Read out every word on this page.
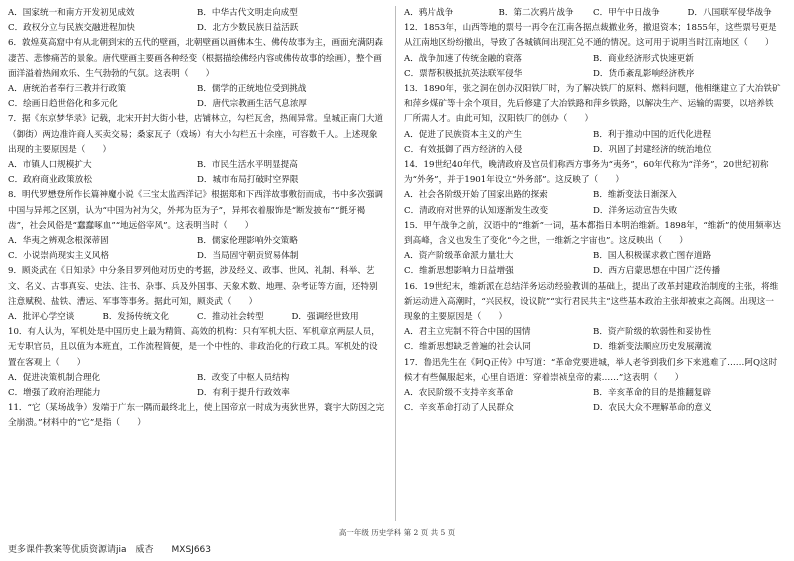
A．国家统一和南方开发初见成效	B．中华古代文明走向成型
C．政权分立与民族交融进程加快	D．北方少数民族日益活跃

6．敦煌莫高窟中有从北朝到宋的五代的壁画，北朝壁画以画佛本生、佛传故事为主，画面充满阴森凄苦、悲惨痛苦的景象。唐代壁画主要画各种经变（根据描绘佛经内容或佛传故事的绘画），整个画面洋溢着热闹欢乐、生气勃勃的气氛。这表明（　　）

A．唐统治者奉行三教并行政策	B．儒学的正统地位受到挑战
C．绘画日趋世俗化和多元化	D．唐代宗教画生活气息浓厚

7．据《东京梦华录》记载，北宋开封大街小巷，店铺林立，勾栏瓦舍，热闹异常。皇城正南门大道（御街）两边准许商人买卖交易；桑家瓦子（戏场）有大小勾栏五十余座，可容数千人。上述现象出现的主要原因是（　　）

A．市镇人口规模扩大	B．市民生活水平明显提高
C．政府商业政策放松	D．城市布局打破时空界限

8．明代罗懋登所作长篇神魔小说《三宝太监西洋记》根据郑和下西洋故事敷衍而成，书中多次强调中国与异邦之区别，认为“中国为衬为父，外邦为臣为子”，异邦衣着服饰是“断发披布”“氈牙褐齿”，社会风俗是“蠢蠢啄血”“地远俗宰风”。这表明当时（　　）

A．华夷之辨观念根深蒂固	B．儒家伦理影响外交策略
C．小说崇尚现实主义风格	D．当局固守朝贡贸易体制

9．顾炎武在《日知录》中分条目罗列他对历史的考据，涉及经义、政事、世风、礼制、科举、艺文、名义、古事真妄、史法、注书、杂事、兵及外国事、天象术数、地理、杂考证等方面，还特别注意赋税、盐铁、漕运、军事等事务。据此可知，顾炎武（　　）

A．批评心学空谈	B．发扬传统文化	C．推动社会转型	D．强调经世致用

10．有人认为，军机处是中国历史上最为精简、高效的机构：只有军机大臣、军机章京两层人员，无专职官员，且以值为本班直，工作流程简便，是一个中性的、非政治化的行政工具。军机处的设置在客观上（　　）

A．促进决策机制合理化	B．改变了中枢人员结构
C．增强了政府治理能力	D．有利于提升行政效率

11．“它（某场战争）发端于广东一隅而最终北上，使上国帝京一时成为夷狄世界，寰宇大防因之完全崩溃。”材料中的“它”是指（　　）

A．鸦片战争	B．第二次鸦片战争	C．甲午中日战争	D．八国联军侵华战争

12．1853年，山西等地的票号一再令在江南各据点裁撤业务，撤退资本；1855年，这些票号更是从江南地区纷纷撤出，导致了各城镇间出现汇兑不通的情况。这可用于说明当时江南地区（　　）

A．战争加速了传统金融的衰落	B．商业经济形式快速更新
C．票帮积极抵抗英法联军侵华	D．货币紊乱影响经济秩序

13．1890年，张之洞在创办汉阳铁厂时，为了解决铁厂的原料、燃料问题，他相继建立了大冶铁矿和萍乡煤矿等十余个项目，先后修建了大冶铁路和萍乡铁路，以解决生产、运输的需要，以培养铁厂所需人才。由此可知，汉阳铁厂的创办（　　）

A．促进了民族资本主义的产生	B．利于推动中国的近代化进程
C．有效抵御了西方经济的入侵	D．巩固了封建经济的统治地位

14．19世纪40年代，晚清政府及官员们称西方事务为“夷务”，60年代称为“洋务”，20世纪初称为“外务”，并于1901年设立“外务部”。这反映了（　　）

A．社会各阶级开始了国家出路的探索	B．维新变法日渐深入
C．清政府对世界的认知逐渐发生改变	D．洋务运动宣告失败

15．甲午战争之前，汉语中的“维新”一词，基本都指日本明治维新。1898年，“维新”的使用频率达到高峰，含义也发生了变化“今之世，一维新之宇宙也”。这反映出（　　）

A．资产阶级革命派力量壮大	B．国人积极谋求救亡图存道路
C．维新思想影响力日益增强	D．西方启蒙思想在中国广泛传播

16．19世纪末，维新派在总结洋务运动经验教训的基础上，提出了改革封建政治制度的主张，将维新运动进入高潮时，“兴民权，设议院”“实行君民共主”这些基本政治主张却被束之高阁。出现这一现象的主要原因是（　　）

A．君主立宪制不符合中国的国情	B．资产阶级的软弱性和妥协性
C．维新思想缺乏普遍的社会认同	D．维新变法顺应历史发展潮流

17．鲁迅先生在《阿Q正传》中写道：“革命党要进城，举人老爷到我们乡下来逃难了……阿Q这时候才有些佩服起来，心里自语道：穿着崇祯皇帝的素……”这表明（　　）

A．农民阶级不支持辛亥革命	B．辛亥革命的目的是推翻复辟
C．辛亥革命打动了人民群众	D．农民大众不理解革命的意义
高一年级 历史学科 第 2 页 共 5 页
更多课件教案等优质资源请jia　威杏　　MXSJ663
